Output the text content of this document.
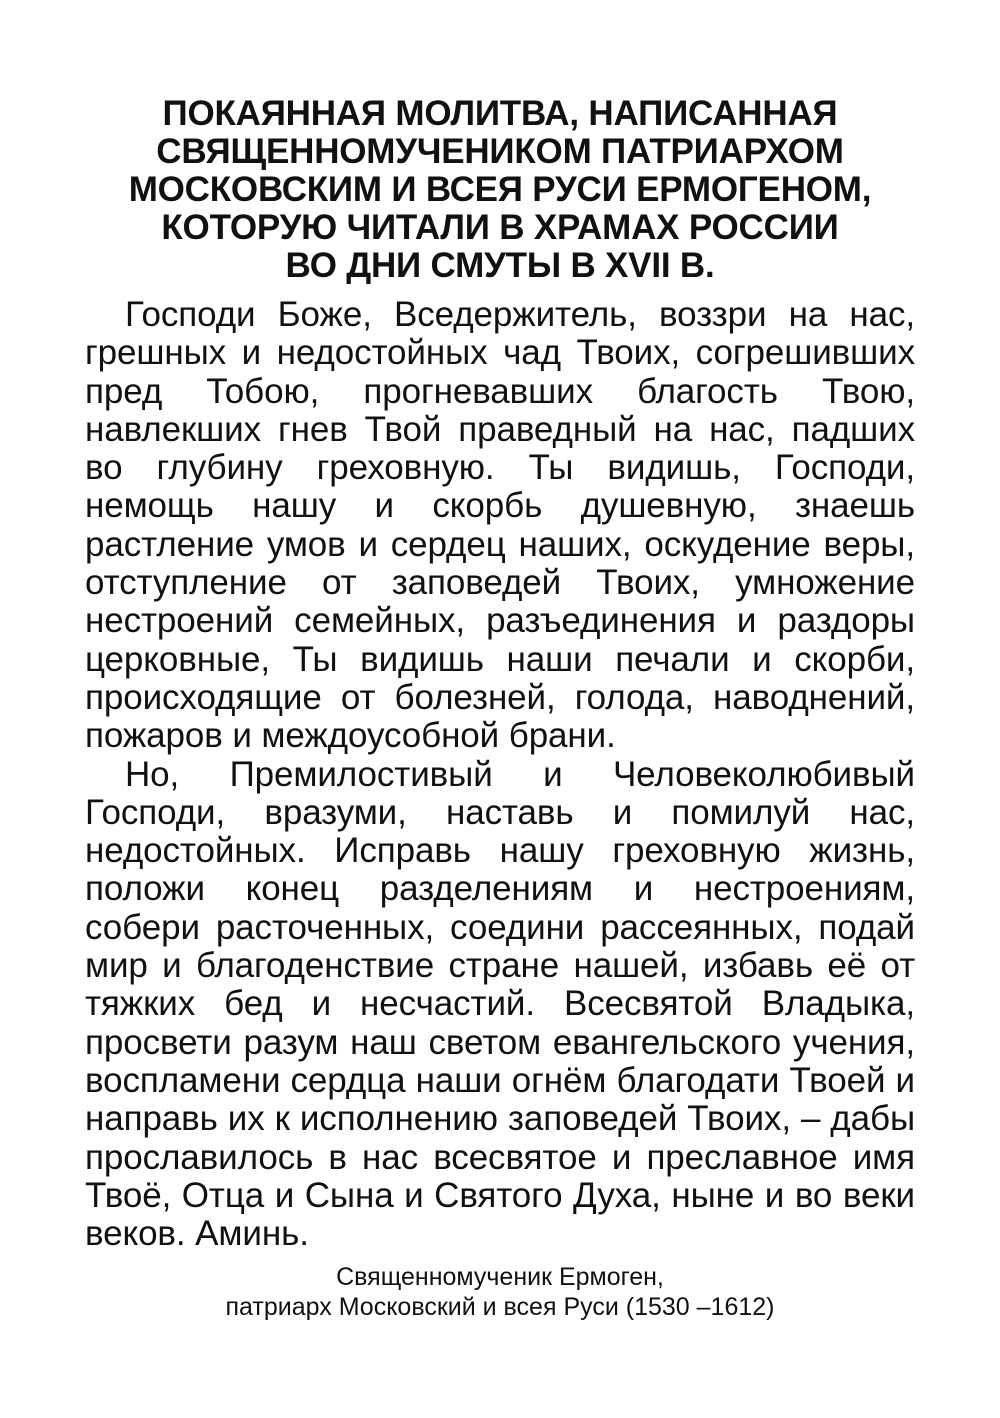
ПОКАЯННАЯ МОЛИТВА, НАПИСАННАЯ
СВЯЩЕННОМУЧЕНИКОМ ПАТРИАРХОМ
МОСКОВСКИМ И ВСЕЯ РУСИ ЕРМОГЕНОМ,
КОТОРУЮ ЧИТАЛИ В ХРАМАХ РОССИИ
ВО ДНИ СМУТЫ В XVII В.

Господи Боже, Вседержитель, воззри на нас, грешных и недостойных чад Твоих, согрешивших пред Тобою, прогневавших благость Твою, навлекших гнев Твой праведный на нас, падших во глубину греховную. Ты видишь, Господи, немощь нашу и скорбь душевную, знаешь растление умов и сердец наших, оскудение веры, отступление от заповедей Твоих, умножение нестроений семейных, разъединения и раздоры церковные, Ты видишь наши печали и скорби, происходящие от болезней, голода, наводнений, пожаров и междоусобной брани.

Но, Премилостивый и Человеколюбивый Господи, вразуми, наставь и помилуй нас, недостойных. Исправь нашу греховную жизнь, положи конец разделениям и нестроениям, собери расточенных, соедини рассеянных, подай мир и благоденствие стране нашей, избавь её от тяжких бед и несчастий. Всесвятой Владыка, просвети разум наш светом евангельского учения, воспламени сердца наши огнём благодати Твоей и направь их к исполнению заповедей Твоих, – дабы прославилось в нас всесвятое и преславное имя Твоё, Отца и Сына и Святого Духа, ныне и во веки веков. Аминь.

Священномученик Ермоген,
патриарх Московский и всея Руси (1530 –1612)
